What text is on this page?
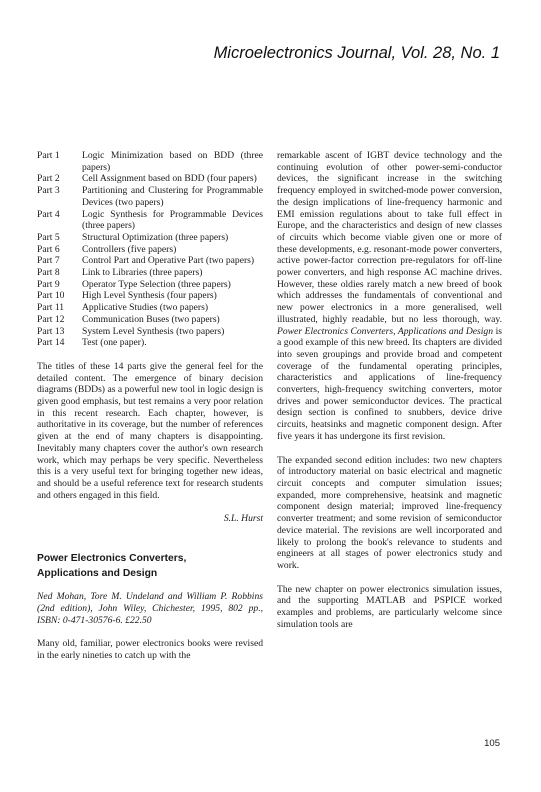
Microelectronics Journal, Vol. 28, No. 1
Part 1	Logic Minimization based on BDD (three papers)
Part 2	Cell Assignment based on BDD (four papers)
Part 3	Partitioning and Clustering for Programmable Devices (two papers)
Part 4	Logic Synthesis for Programmable Devices (three papers)
Part 5	Structural Optimization (three papers)
Part 6	Controllers (five papers)
Part 7	Control Part and Operative Part (two papers)
Part 8	Link to Libraries (three papers)
Part 9	Operator Type Selection (three papers)
Part 10	High Level Synthesis (four papers)
Part 11	Applicative Studies (two papers)
Part 12	Communication Buses (two papers)
Part 13	System Level Synthesis (two papers)
Part 14	Test (one paper).

The titles of these 14 parts give the general feel for the detailed content. The emergence of binary decision diagrams (BDDs) as a powerful new tool in logic design is given good emphasis, but test remains a very poor relation in this recent research. Each chapter, however, is authoritative in its coverage, but the number of references given at the end of many chapters is disappointing. Inevitably many chapters cover the author's own research work, which may perhaps be very specific. Nevertheless this is a very useful text for bringing together new ideas, and should be a useful reference text for research students and others engaged in this field.

S.L. Hurst

Power Electronics Converters,
Applications and Design

Ned Mohan, Tore M. Undeland and William P. Robbins (2nd edition), John Wiley, Chichester, 1995, 802 pp., ISBN: 0-471-30576-6. £22.50

Many old, familiar, power electronics books were revised in the early nineties to catch up with the

remarkable ascent of IGBT device technology and the continuing evolution of other power-semi-conductor devices, the significant increase in the switching frequency employed in switched-mode power conversion, the design implications of line-frequency harmonic and EMI emission regulations about to take full effect in Europe, and the characteristics and design of new classes of circuits which become viable given one or more of these developments, e.g. resonant-mode power converters, active power-factor correction pre-regulators for off-line power converters, and high response AC machine drives. However, these oldies rarely match a new breed of book which addresses the fundamentals of conventional and new power electronics in a more generalised, well illustrated, highly readable, but no less thorough, way. Power Electronics Converters, Applications and Design is a good example of this new breed. Its chapters are divided into seven groupings and provide broad and competent coverage of the fundamental operating principles, characteristics and applications of line-frequency converters, high-frequency switching converters, motor drives and power semiconductor devices. The practical design section is confined to snubbers, device drive circuits, heatsinks and magnetic component design. After five years it has undergone its first revision.

The expanded second edition includes: two new chapters of introductory material on basic electrical and magnetic circuit concepts and computer simulation issues; expanded, more comprehensive, heatsink and magnetic component design material; improved line-frequency converter treatment; and some revision of semiconductor device material. The revisions are well incorporated and likely to prolong the book's relevance to students and engineers at all stages of power electronics study and work.

The new chapter on power electronics simulation issues, and the supporting MATLAB and PSPICE worked examples and problems, are particularly welcome since simulation tools are

105
